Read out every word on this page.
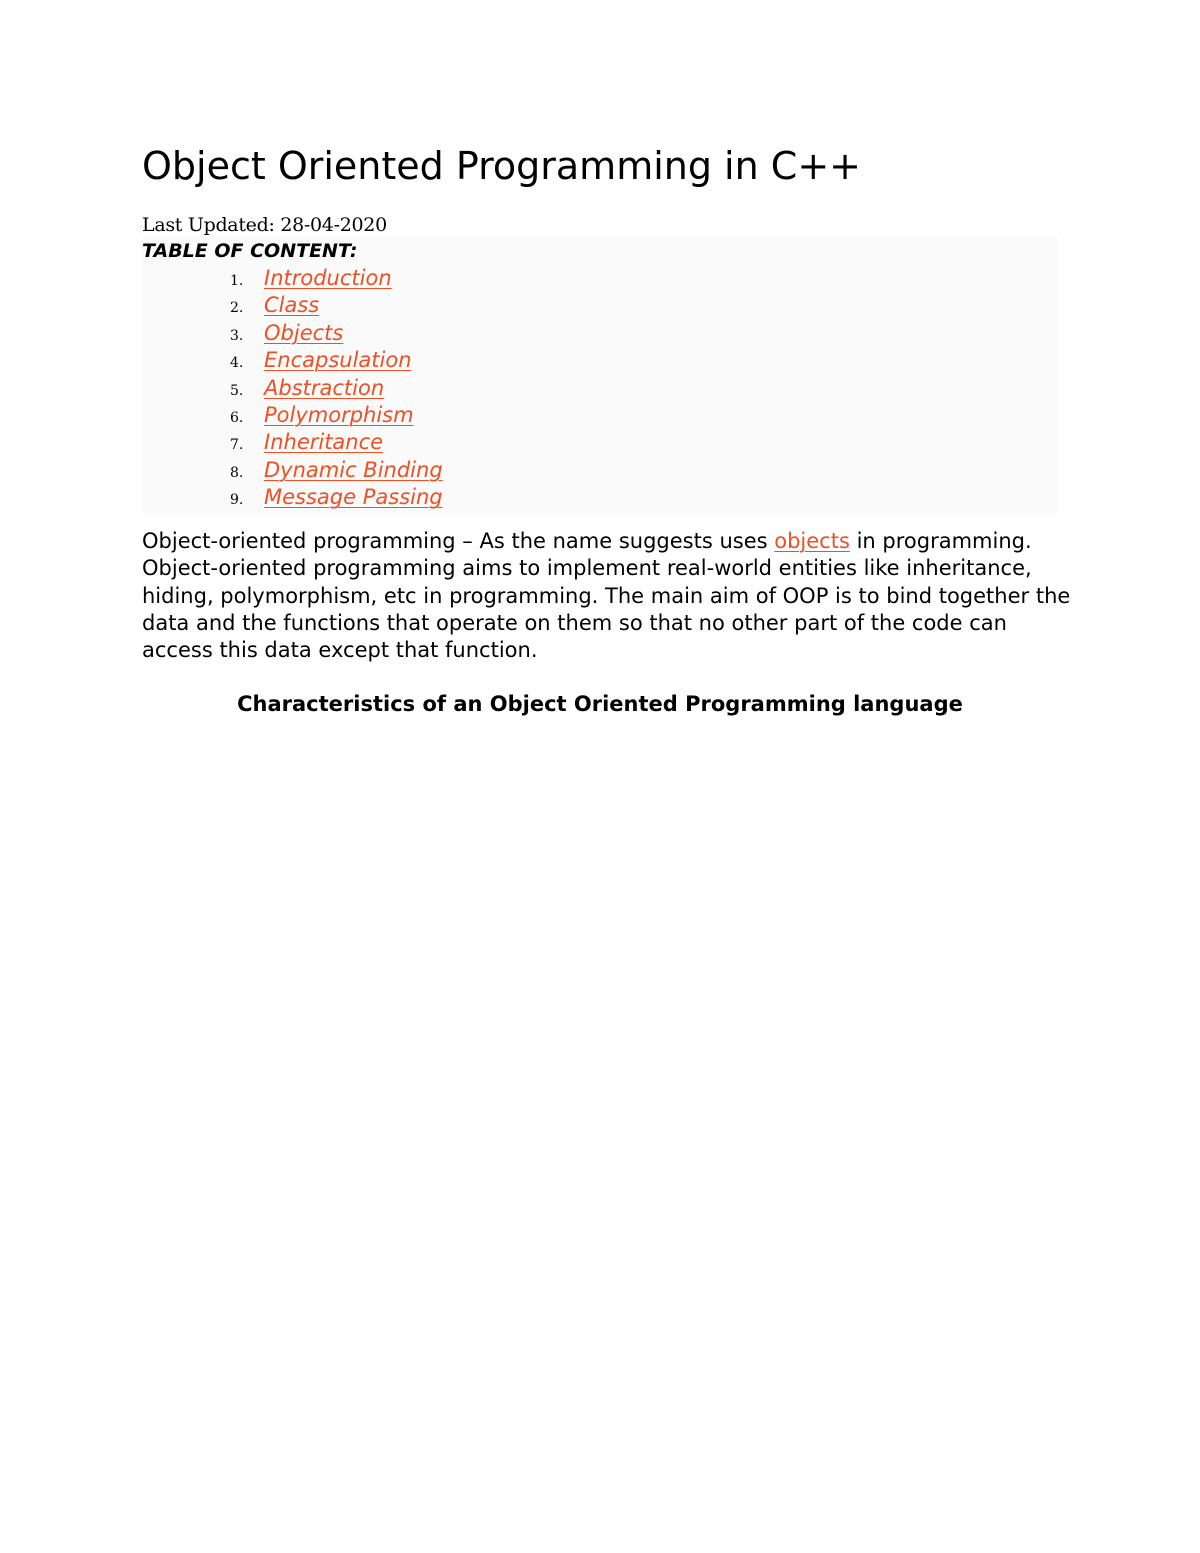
Object Oriented Programming in C++
Last Updated: 28-04-2020
TABLE OF CONTENT:
1. Introduction
2. Class
3. Objects
4. Encapsulation
5. Abstraction
6. Polymorphism
7. Inheritance
8. Dynamic Binding
9. Message Passing

Object-oriented programming – As the name suggests uses objects in programming. Object-oriented programming aims to implement real-world entities like inheritance, hiding, polymorphism, etc in programming. The main aim of OOP is to bind together the data and the functions that operate on them so that no other part of the code can access this data except that function.

Characteristics of an Object Oriented Programming language
